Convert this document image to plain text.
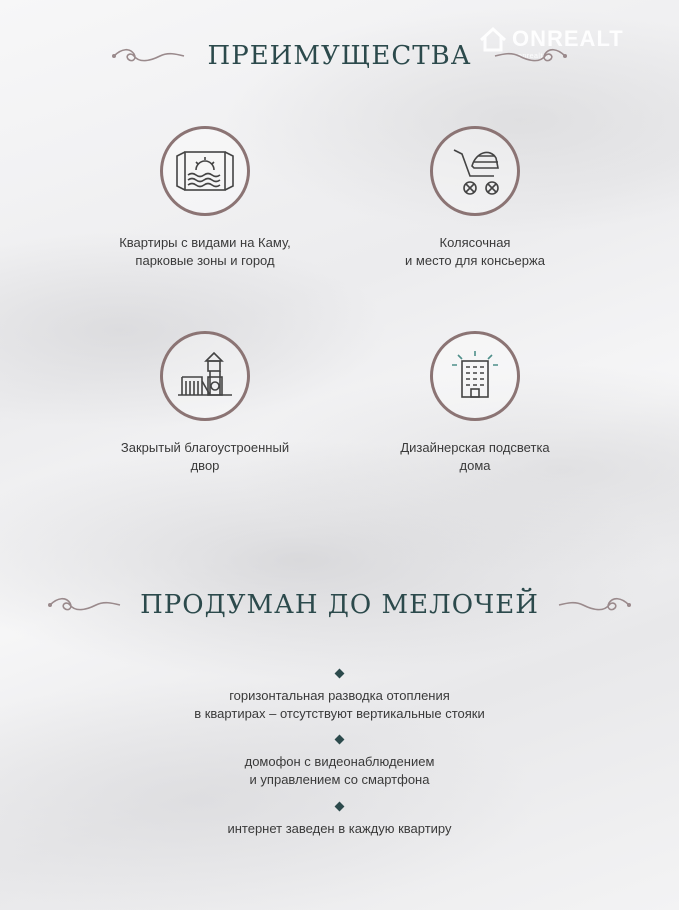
ONREALT
onrealt.ru
ПРЕИМУЩЕСТВА
Квартиры с видами на Каму,
парковые зоны и город
Колясочная
и место для консьержа
Закрытый благоустроенный
двор
Дизайнерская подсветка
дома
ПРОДУМАН ДО МЕЛОЧЕЙ
горизонтальная разводка отопления
в квартирах – отсутствуют вертикальные стояки
домофон с видеонаблюдением
и управлением со смартфона
интернет заведен в каждую квартиру
